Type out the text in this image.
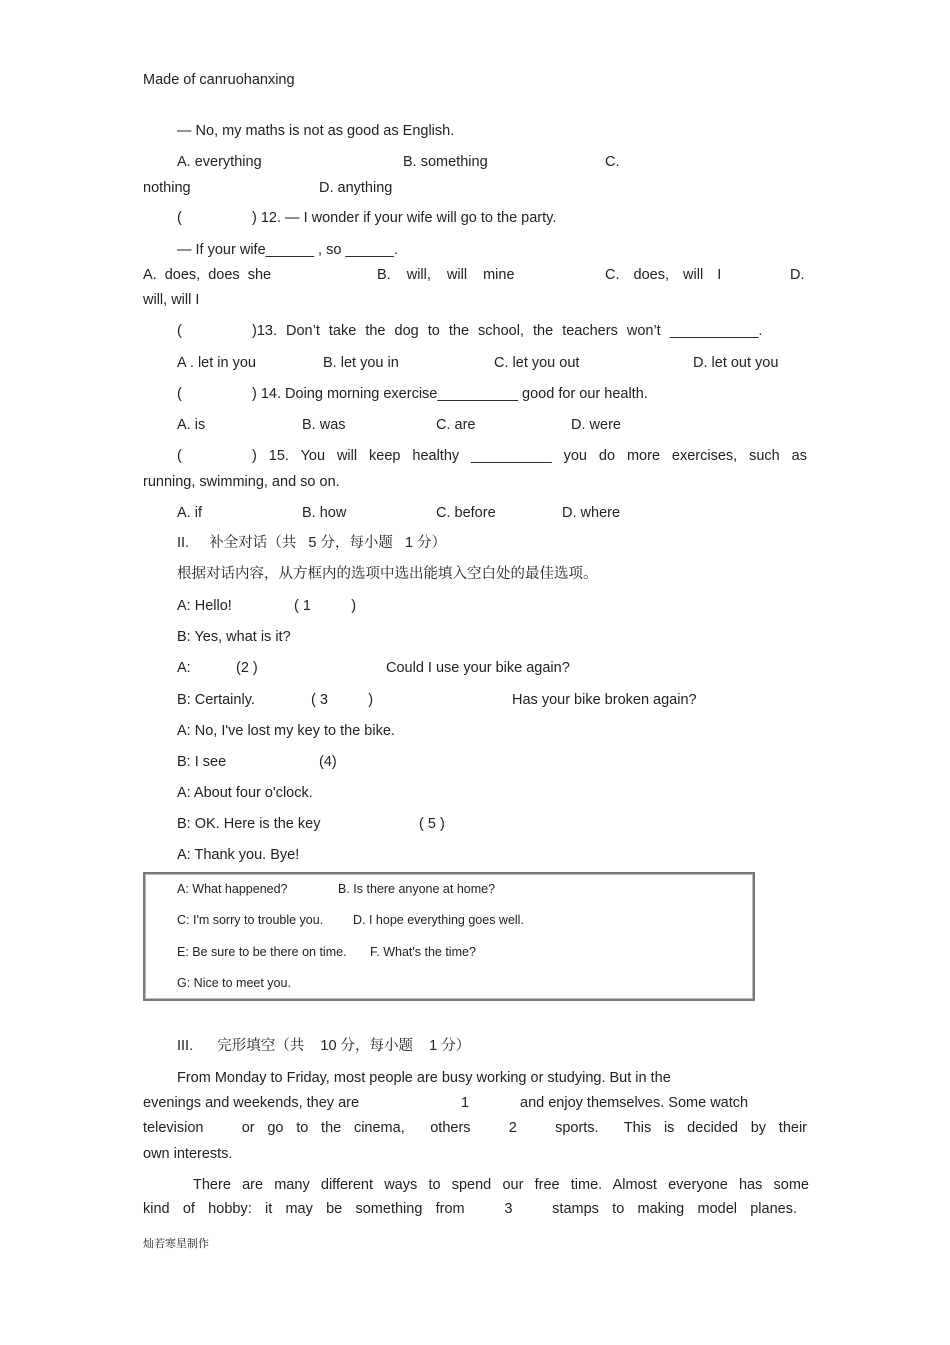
Made of canruohanxing
— No, my maths is not as good as English.
A. everything	B. something	C.
nothing	D. anything
(	) 12. — I wonder if your wife will go to the party.
— If your wife______ , so ______.
A. does, does she	B. will, will mine	C. does, will I	D.
will, will I
(	)13. Don’t take the dog to the school, the teachers won’t ___________.
A . let in you	B. let you in	C. let you out	D. let out you
(	) 14. Doing morning exercise__________ good for our health.
A. is	B. was	C. are	D. were
(	) 15. You will keep healthy __________ you do more exercises, such as
running, swimming, and so on.
A. if	B. how	C. before	D. where
II.     补全对话（共   5 分，每小题   1 分）
根据对话内容，从方框内的选项中选出能填入空白处的最佳选项。
A: Hello!	( 1          )
B: Yes, what is it?
A:	(2 )	Could I use your bike again?
B: Certainly.	( 3          )	Has your bike broken again?
A: No, I've lost my key to the bike.
B: I see	(4)
A: About four o'clock.
B: OK. Here is the key	( 5 )
A: Thank you. Bye!
A: What happened?	B. Is there anyone at home?
C: I'm sorry to trouble you. D. I hope everything goes well.
E: Be sure to be there on time. F. What's the time?
G: Nice to meet you.
III.      完形填空（共    10 分，每小题    1 分）
From Monday to Friday, most people are busy working or studying. But in the
evenings and weekends, they are	1	and enjoy themselves. Some watch
television   or go to the cinema,  others   2   sports.  This is decided by their
own interests.
There are many different ways to spend our free time. Almost everyone has some
kind of hobby: it may be something from   3   stamps to making model planes.
灿若寒星制作
